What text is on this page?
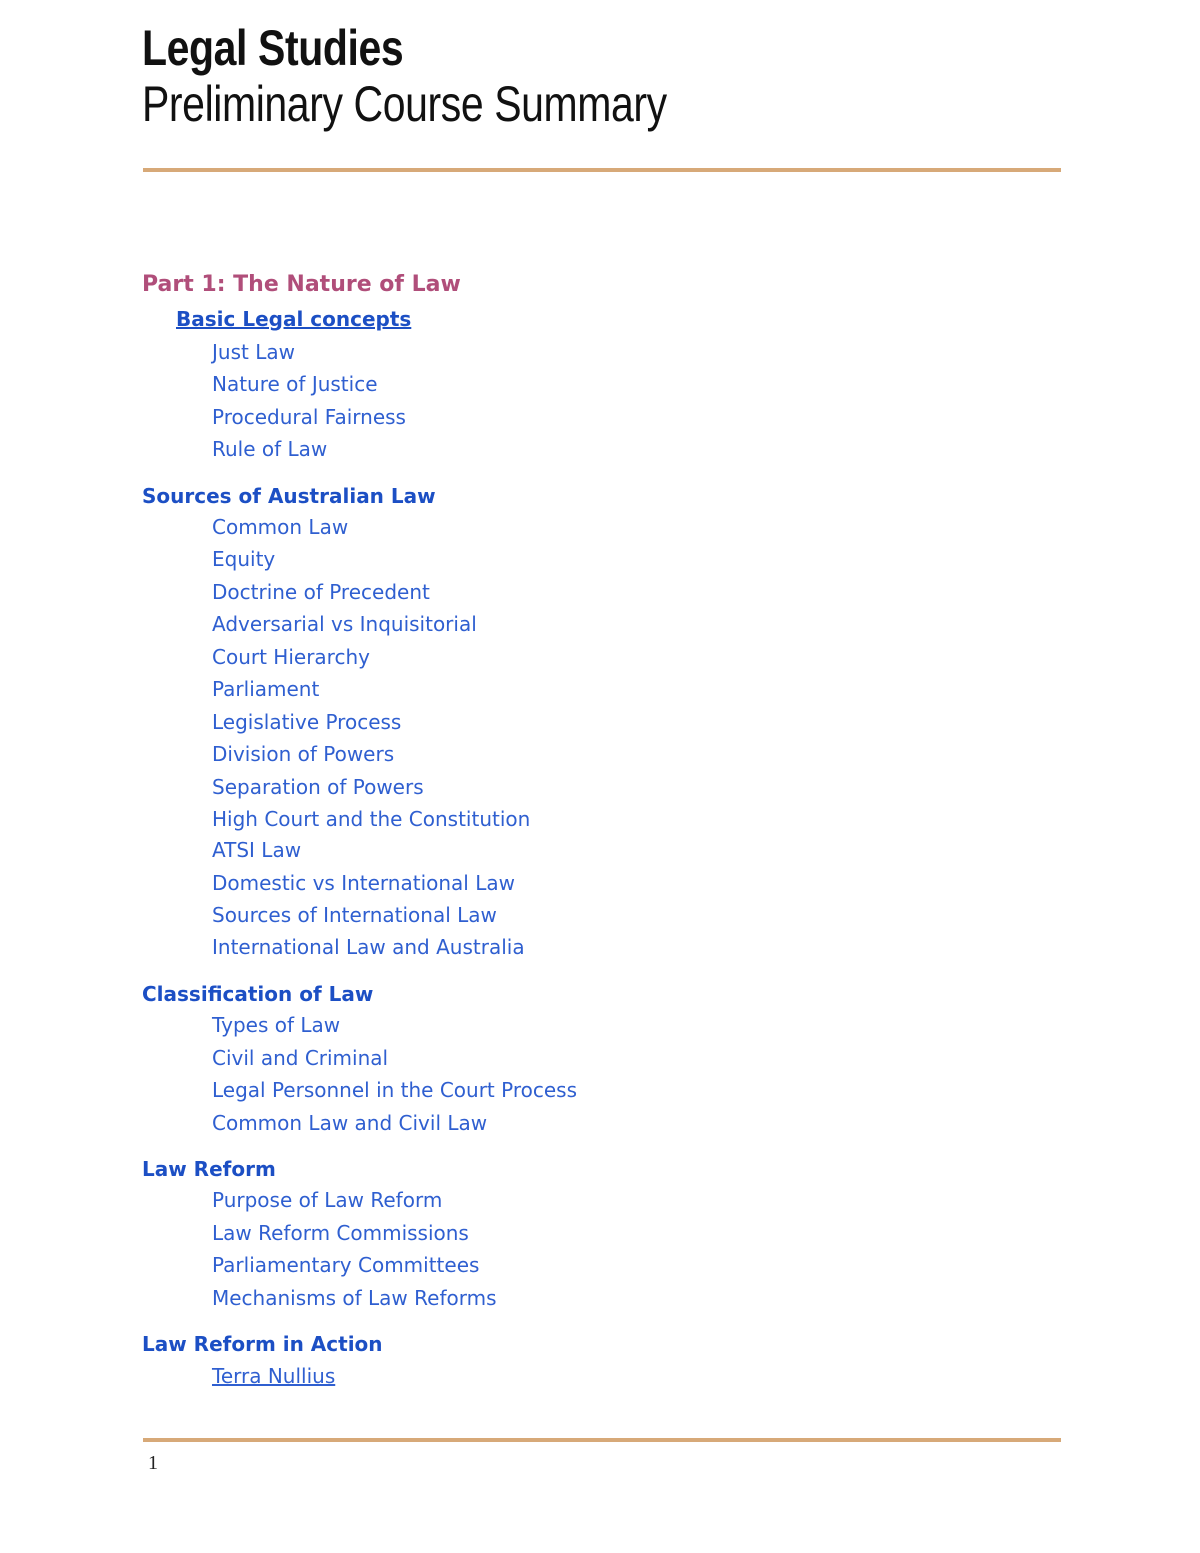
Legal Studies
Preliminary Course Summary
Part 1: The Nature of Law
Basic Legal concepts
Just Law
Nature of Justice
Procedural Fairness
Rule of Law
Sources of Australian Law
Common Law
Equity
Doctrine of Precedent
Adversarial vs Inquisitorial
Court Hierarchy
Parliament
Legislative Process
Division of Powers
Separation of Powers
High Court and the Constitution
ATSI Law
Domestic vs International Law
Sources of International Law
International Law and Australia
Classification of Law
Types of Law
Civil and Criminal
Legal Personnel in the Court Process
Common Law and Civil Law
Law Reform
Purpose of Law Reform
Law Reform Commissions
Parliamentary Committees
Mechanisms of Law Reforms
Law Reform in Action
Terra Nullius
1
